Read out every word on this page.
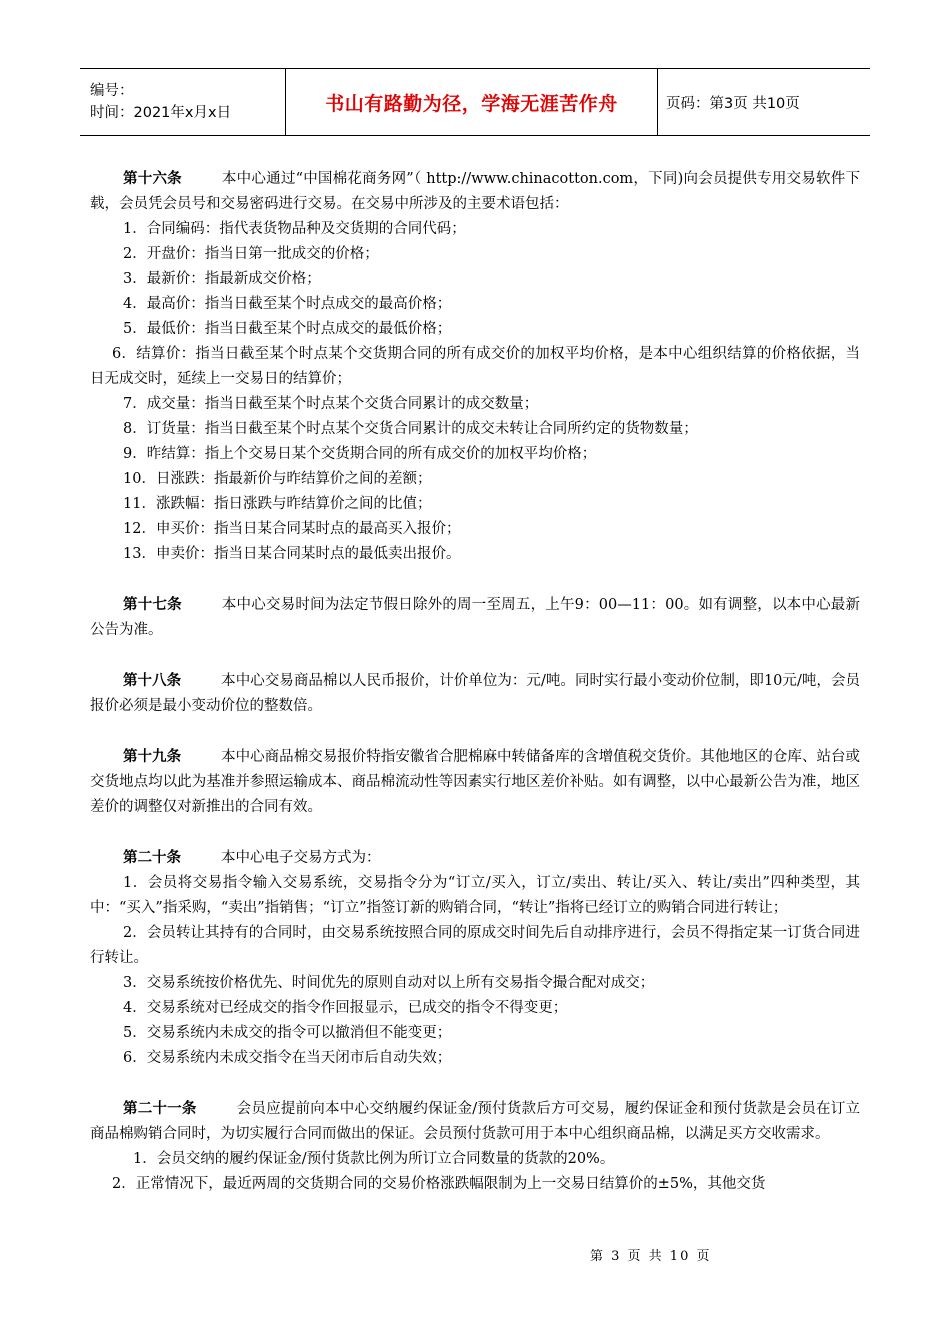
编号：
时间：2021年x月x日	书山有路勤为径，学海无涯苦作舟	页码：第3页 共10页

第十六条	本中心通过“中国棉花商务网”（ http://www.chinacotton.com，下同)向会员提供专用交易软件下载，会员凭会员号和交易密码进行交易。在交易中所涉及的主要术语包括：

1．合同编码：指代表货物品种及交货期的合同代码；

2．开盘价：指当日第一批成交的价格；

3．最新价：指最新成交价格；

4．最高价：指当日截至某个时点成交的最高价格；

5．最低价：指当日截至某个时点成交的最低价格；

6．结算价：指当日截至某个时点某个交货期合同的所有成交价的加权平均价格，是本中心组织结算的价格依据，当日无成交时，延续上一交易日的结算价；

7．成交量：指当日截至某个时点某个交货合同累计的成交数量；

8．订货量：指当日截至某个时点某个交货合同累计的成交未转让合同所约定的货物数量；

9．昨结算：指上个交易日某个交货期合同的所有成交价的加权平均价格；

10．日涨跌：指最新价与昨结算价之间的差额；

11．涨跌幅：指日涨跌与昨结算价之间的比值；

12．申买价：指当日某合同某时点的最高买入报价；

13．申卖价：指当日某合同某时点的最低卖出报价。

第十七条	本中心交易时间为法定节假日除外的周一至周五，上午9：00—11：00。如有调整，以本中心最新公告为准。

第十八条	本中心交易商品棉以人民币报价，计价单位为：元/吨。同时实行最小变动价位制，即10元/吨，会员报价必须是最小变动价位的整数倍。

第十九条	本中心商品棉交易报价特指安徽省合肥棉麻中转储备库的含增值税交货价。其他地区的仓库、站台或交货地点均以此为基准并参照运输成本、商品棉流动性等因素实行地区差价补贴。如有调整，以中心最新公告为准，地区差价的调整仅对新推出的合同有效。

第二十条	本中心电子交易方式为：

1．会员将交易指令输入交易系统，交易指令分为“订立/买入，订立/卖出、转让/买入、转让/卖出”四种类型，其中：“买入”指采购，“卖出”指销售；“订立”指签订新的购销合同，“转让”指将已经订立的购销合同进行转让；

2．会员转让其持有的合同时，由交易系统按照合同的原成交时间先后自动排序进行，会员不得指定某一订货合同进行转让。

3．交易系统按价格优先、时间优先的原则自动对以上所有交易指令撮合配对成交；

4．交易系统对已经成交的指令作回报显示，已成交的指令不得变更；

5．交易系统内未成交的指令可以撤消但不能变更；

6．交易系统内未成交指令在当天闭市后自动失效；

第二十一条	会员应提前向本中心交纳履约保证金/预付货款后方可交易，履约保证金和预付货款是会员在订立商品棉购销合同时，为切实履行合同而做出的保证。会员预付货款可用于本中心组织商品棉，以满足买方交收需求。

1．会员交纳的履约保证金/预付货款比例为所订立合同数量的货款的20%。

2．正常情况下，最近两周的交货期合同的交易价格涨跌幅限制为上一交易日结算价的±5%，其他交货

第 3 页 共 10 页
